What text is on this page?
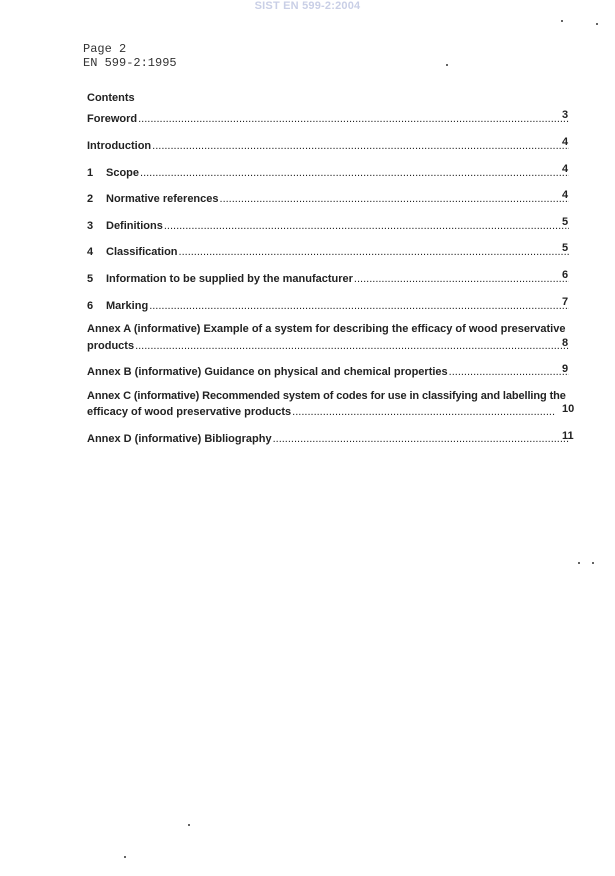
SIST EN 599-2:2004
Page 2
EN 599-2:1995
Contents
Foreword .....	3
Introduction .....	4
1 Scope .....	4
2 Normative references .....	4
3 Definitions .....	5
4 Classification .....	5
5 Information to be supplied by the manufacturer .....	6
6 Marking .....	7
Annex A (informative) Example of a system for describing the efficacy of wood preservative
products .....	8
Annex B (informative) Guidance on physical and chemical properties .....	9
Annex C (informative) Recommended system of codes for use in classifying and labelling the
efficacy of wood preservative products .....	10
Annex D (informative) Bibliography .....	11
